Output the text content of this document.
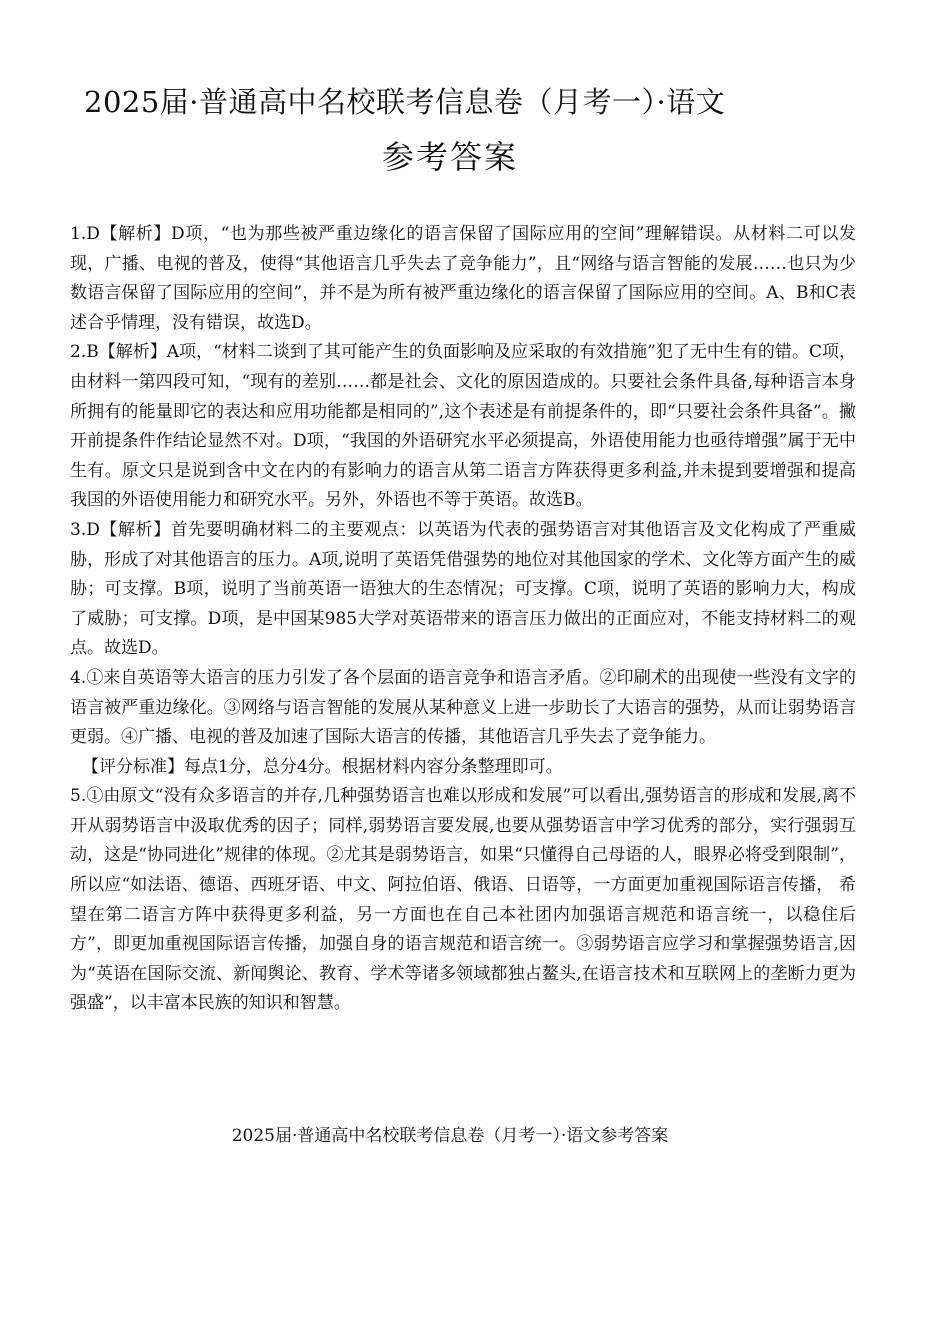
2025届·普通高中名校联考信息卷（月考一）·语文
参考答案

1.D【解析】D项，“也为那些被严重边缘化的语言保留了国际应用的空间”理解错误。从材料二可以发现，广播、电视的普及，使得“其他语言几乎失去了竞争能力”，且“网络与语言智能的发展……也只为少数语言保留了国际应用的空间”，并不是为所有被严重边缘化的语言保留了国际应用的空间。A、B和C表述合乎情理，没有错误，故选D。

2.B【解析】A项，“材料二谈到了其可能产生的负面影响及应采取的有效措施”犯了无中生有的错。C项，由材料一第四段可知，“现有的差别……都是社会、文化的原因造成的。只要社会条件具备,每种语言本身所拥有的能量即它的表达和应用功能都是相同的”,这个表述是有前提条件的，即“只要社会条件具备”。撇开前提条件作结论显然不对。D项，“我国的外语研究水平必须提高，外语使用能力也亟待增强”属于无中生有。原文只是说到含中文在内的有影响力的语言从第二语言方阵获得更多利益,并未提到要增强和提高我国的外语使用能力和研究水平。另外，外语也不等于英语。故选B。

3.D【解析】首先要明确材料二的主要观点：以英语为代表的强势语言对其他语言及文化构成了严重威胁，形成了对其他语言的压力。A项,说明了英语凭借强势的地位对其他国家的学术、文化等方面产生的威胁；可支撑。B项，说明了当前英语一语独大的生态情况；可支撑。C项，说明了英语的影响力大，构成了威胁；可支撑。D项，是中国某985大学对英语带来的语言压力做出的正面应对，不能支持材料二的观点。故选D。

4.①来自英语等大语言的压力引发了各个层面的语言竞争和语言矛盾。②印刷术的出现使一些没有文字的语言被严重边缘化。③网络与语言智能的发展从某种意义上进一步助长了大语言的强势，从而让弱势语言更弱。④广播、电视的普及加速了国际大语言的传播，其他语言几乎失去了竞争能力。

【评分标准】每点1分，总分4分。根据材料内容分条整理即可。

5.①由原文“没有众多语言的并存,几种强势语言也难以形成和发展”可以看出,强势语言的形成和发展,离不开从弱势语言中汲取优秀的因子；同样,弱势语言要发展,也要从强势语言中学习优秀的部分，实行强弱互动，这是“协同进化”规律的体现。②尤其是弱势语言，如果“只懂得自己母语的人，眼界必将受到限制”，所以应“如法语、德语、西班牙语、中文、阿拉伯语、俄语、日语等，一方面更加重视国际语言传播， 希望在第二语言方阵中获得更多利益，另一方面也在自己本社团内加强语言规范和语言统一，以稳住后方”，即更加重视国际语言传播，加强自身的语言规范和语言统一。③弱势语言应学习和掌握强势语言,因为“英语在国际交流、新闻舆论、教育、学术等诸多领域都独占鳌头,在语言技术和互联网上的垄断力更为强盛”，以丰富本民族的知识和智慧。

2025届·普通高中名校联考信息卷（月考一）·语文参考答案
